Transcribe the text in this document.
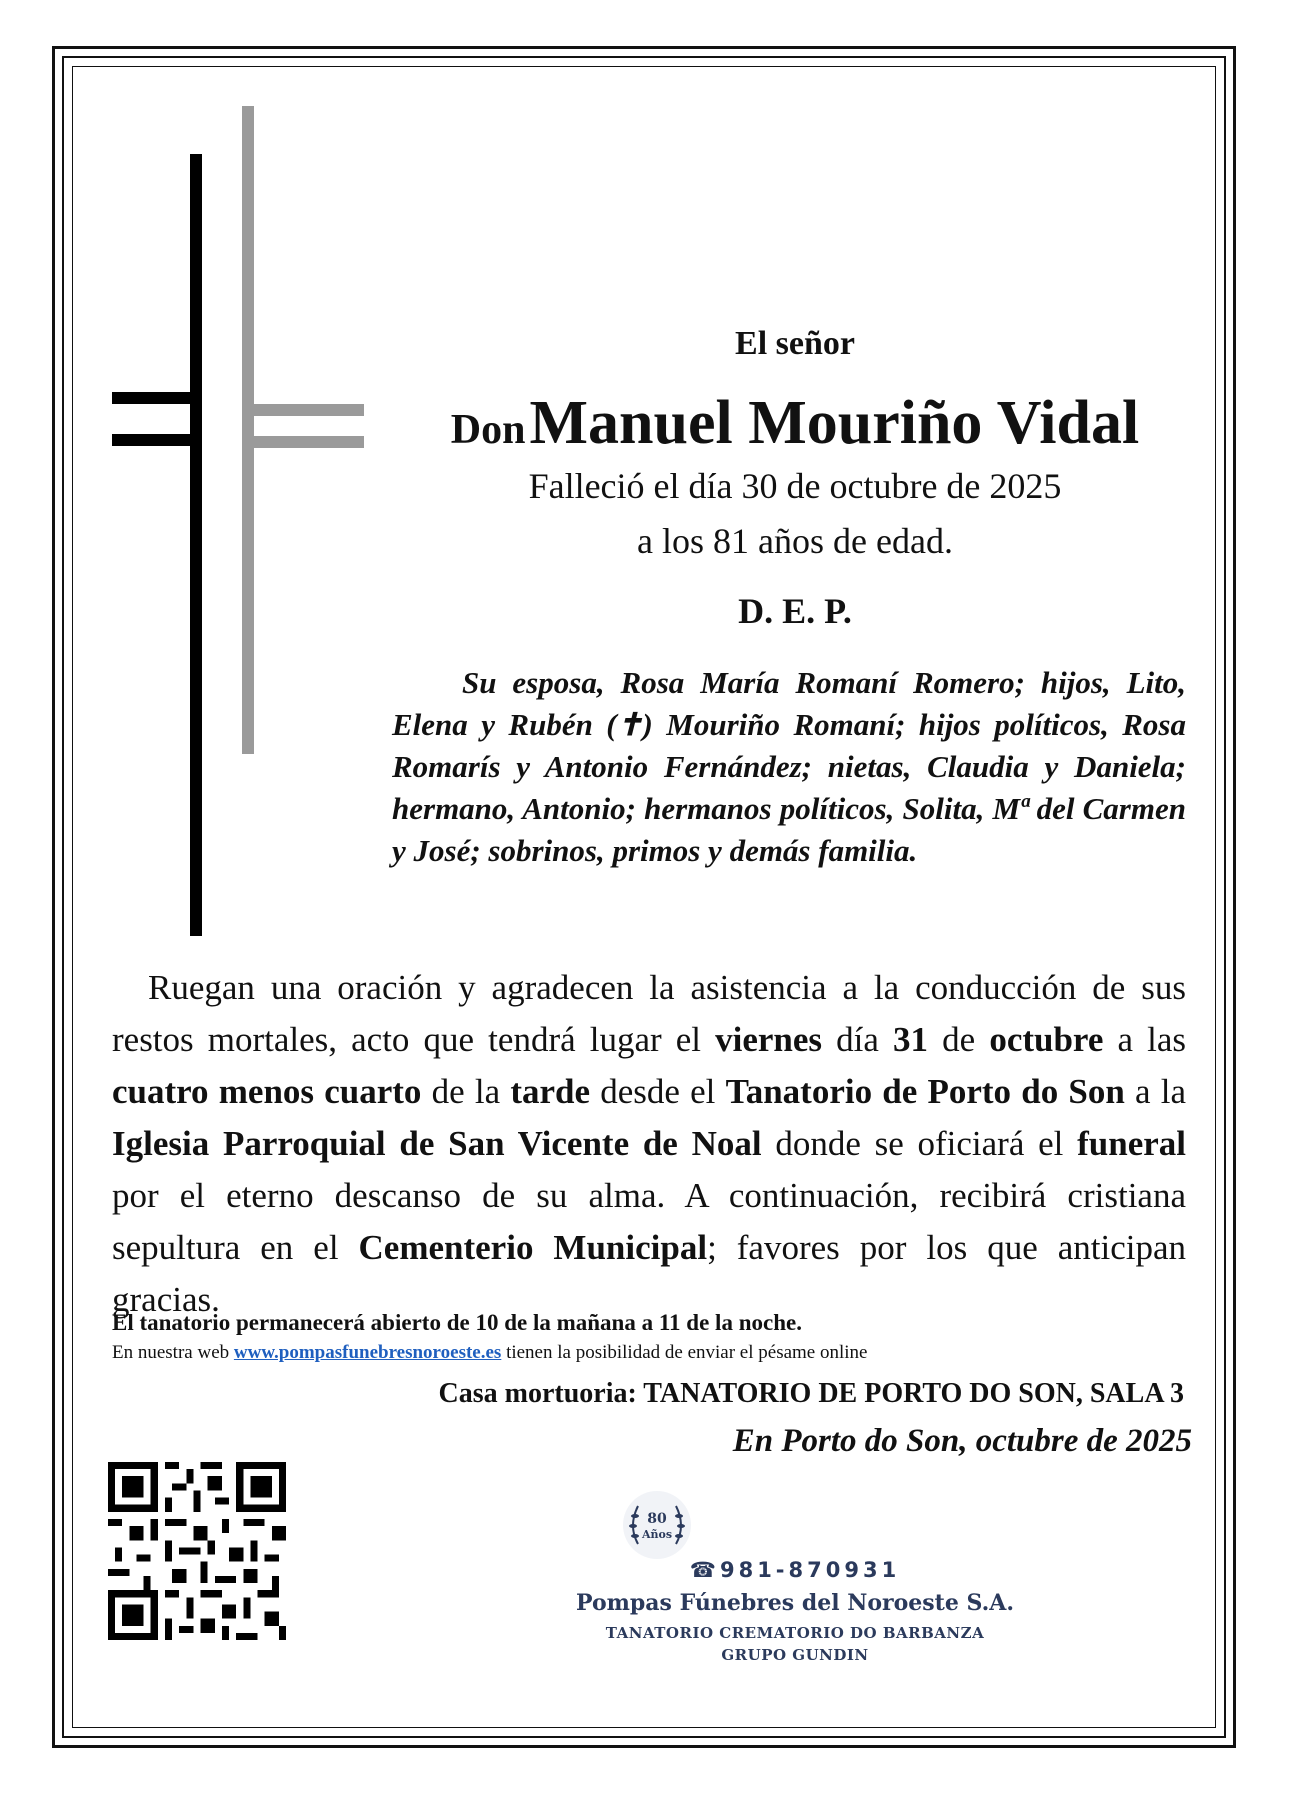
El señor
Don Manuel Mouriño Vidal
Falleció el día 30 de octubre de 2025
a los 81 años de edad.
D. E. P.
Su esposa, Rosa María Romaní Romero; hijos, Lito, Elena y Rubén (✝) Mouriño Romaní; hijos políticos, Rosa Romarís y Antonio Fernández; nietas, Claudia y Daniela; hermano, Antonio; hermanos políticos, Solita, Mª del Carmen y José; sobrinos, primos y demás familia.
Ruegan una oración y agradecen la asistencia a la conducción de sus restos mortales, acto que tendrá lugar el viernes día 31 de octubre a las cuatro menos cuarto de la tarde desde el Tanatorio de Porto do Son a la Iglesia Parroquial de San Vicente de Noal donde se oficiará el funeral por el eterno descanso de su alma. A continuación, recibirá cristiana sepultura en el Cementerio Municipal; favores por los que anticipan gracias.
El tanatorio permanecerá abierto de 10 de la mañana a 11 de la noche.
En nuestra web www.pompasfunebresnoroeste.es tienen la posibilidad de enviar el pésame online
Casa mortuoria: TANATORIO DE PORTO DO SON, SALA 3
En Porto do Son, octubre de 2025
80
Años
☎981-870931
Pompas Fúnebres del Noroeste S.A.
TANATORIO CREMATORIO DO BARBANZA
GRUPO GUNDIN
